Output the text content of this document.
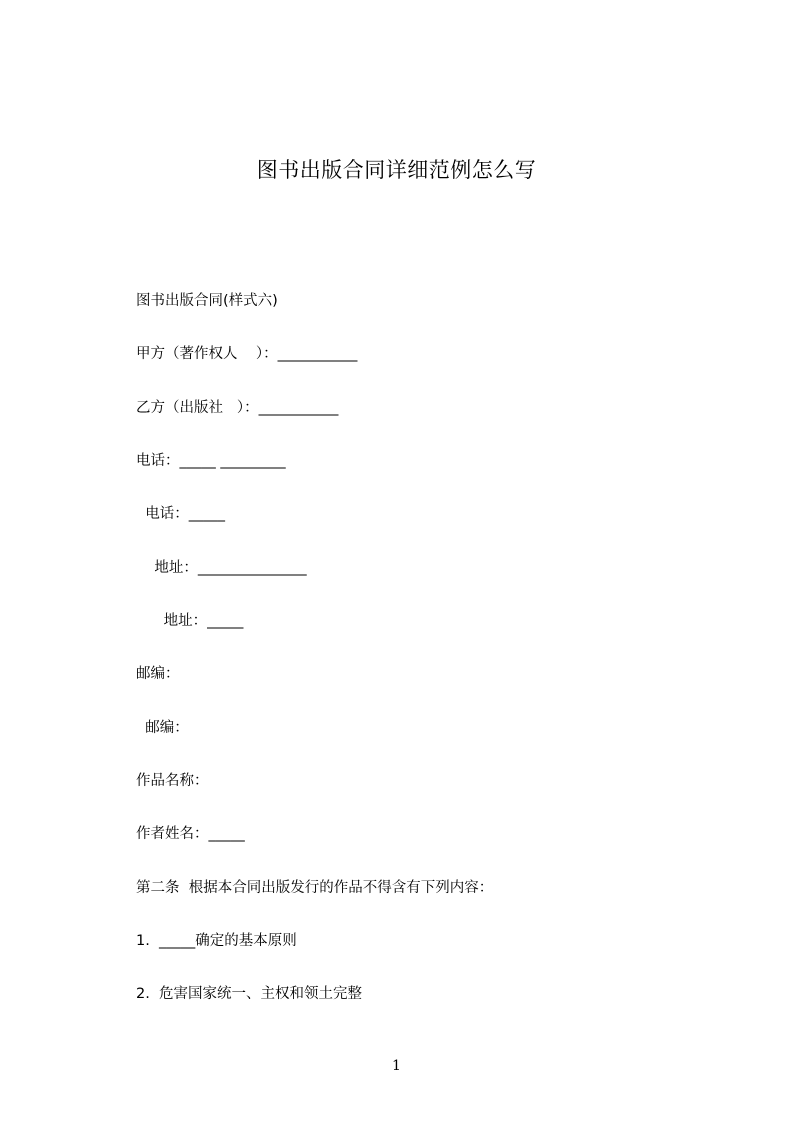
图书出版合同详细范例怎么写
图书出版合同(样式六)
甲方（著作权人    ）：___________
乙方（出版社   ）：___________
电话：_____ _________
电话：_____
地址：_______________
地址：_____
邮编：
邮编：
作品名称：
作者姓名：_____
第二条  根据本合同出版发行的作品不得含有下列内容：
1.  _____确定的基本原则
2.  危害国家统一、主权和领土完整
1
